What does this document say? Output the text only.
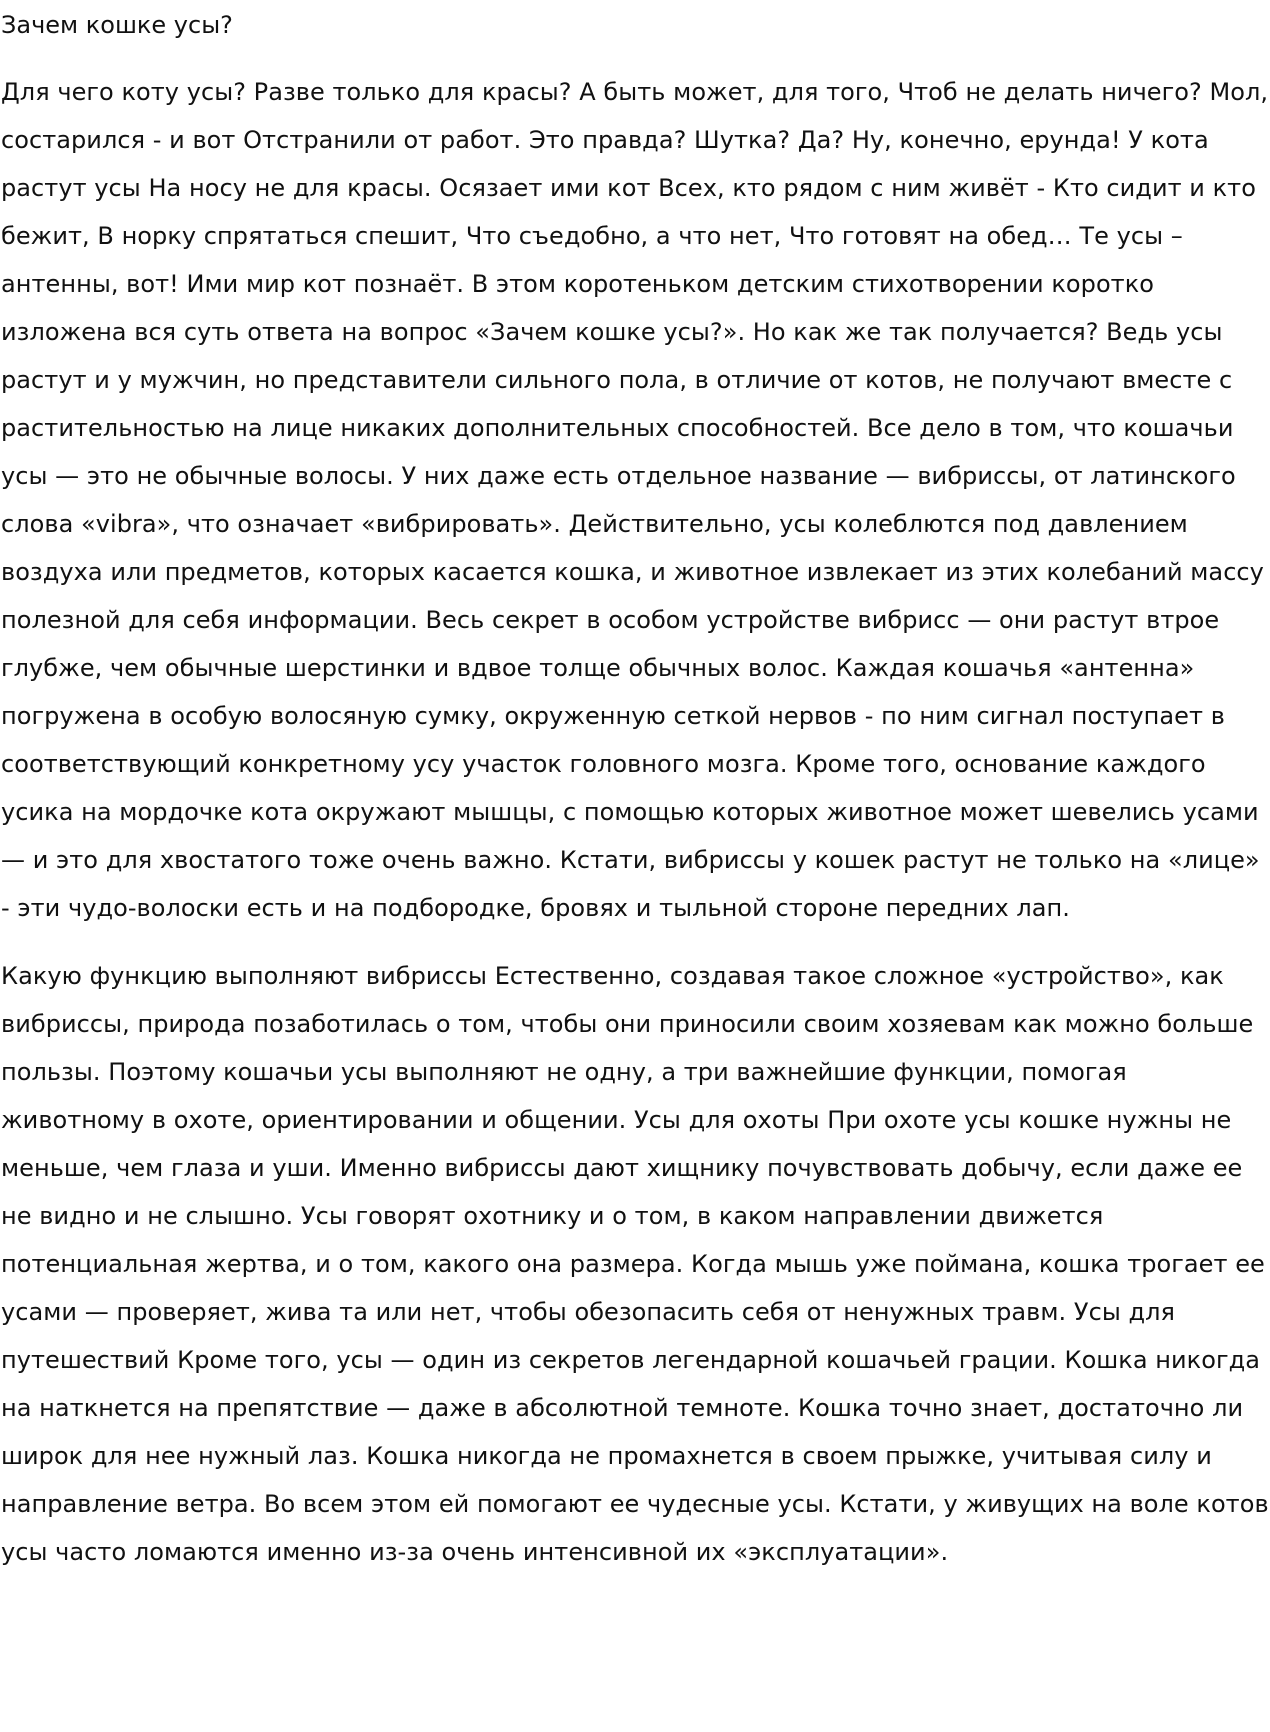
Зачем кошке усы?

Для чего коту усы? Разве только для красы? А быть может, для того, Чтоб не делать ничего? Мол, состарился - и вот Отстранили от работ. Это правда? Шутка? Да? Ну, конечно, ерунда! У кота растут усы На носу не для красы. Осязает ими кот Всех, кто рядом с ним живёт - Кто сидит и кто бежит, В норку спрятаться спешит, Что съедобно, а что нет, Что готовят на обед… Те усы – антенны, вот! Ими мир кот познаёт. В этом коротеньком детским стихотворении коротко изложена вся суть ответа на вопрос «Зачем кошке усы?». Но как же так получается? Ведь усы растут и у мужчин, но представители сильного пола, в отличие от котов, не получают вместе с растительностью на лице никаких дополнительных способностей. Все дело в том, что кошачьи усы — это не обычные волосы. У них даже есть отдельное название — вибриссы, от латинского слова «vibra», что означает «вибрировать». Действительно, усы колеблются под давлением воздуха или предметов, которых касается кошка, и животное извлекает из этих колебаний массу полезной для себя информации. Весь секрет в особом устройстве вибрисс — они растут втрое глубже, чем обычные шерстинки и вдвое толще обычных волос. Каждая кошачья «антенна» погружена в особую волосяную сумку, окруженную сеткой нервов - по ним сигнал поступает в соответствующий конкретному усу участок головного мозга. Кроме того, основание каждого усика на мордочке кота окружают мышцы, с помощью которых животное может шевелись усами — и это для хвостатого тоже очень важно. Кстати, вибриссы у кошек растут не только на «лице» - эти чудо-волоски есть и на подбородке, бровях и тыльной стороне передних лап.

Какую функцию выполняют вибриссы Естественно, создавая такое сложное «устройство», как вибриссы, природа позаботилась о том, чтобы они приносили своим хозяевам как можно больше пользы. Поэтому кошачьи усы выполняют не одну, а три важнейшие функции, помогая животному в охоте, ориентировании и общении. Усы для охоты При охоте усы кошке нужны не меньше, чем глаза и уши. Именно вибриссы дают хищнику почувствовать добычу, если даже ее не видно и не слышно. Усы говорят охотнику и о том, в каком направлении движется потенциальная жертва, и о том, какого она размера. Когда мышь уже поймана, кошка трогает ее усами — проверяет, жива та или нет, чтобы обезопасить себя от ненужных травм. Усы для путешествий Кроме того, усы — один из секретов легендарной кошачьей грации. Кошка никогда на наткнется на препятствие — даже в абсолютной темноте. Кошка точно знает, достаточно ли широк для нее нужный лаз. Кошка никогда не промахнется в своем прыжке, учитывая силу и направление ветра. Во всем этом ей помогают ее чудесные усы. Кстати, у живущих на воле котов усы часто ломаются именно из-за очень интенсивной их «эксплуатации».
